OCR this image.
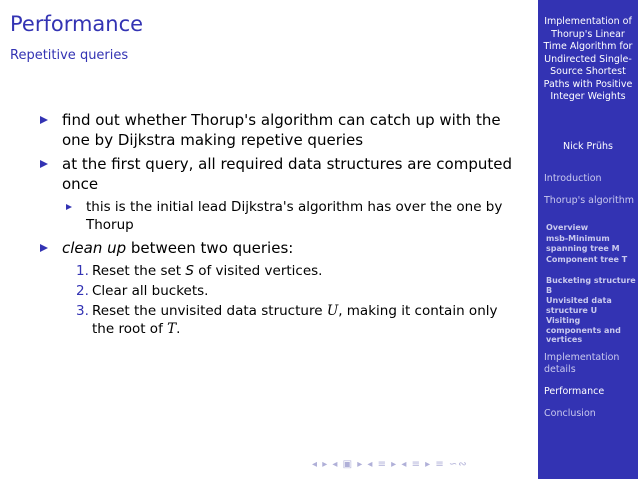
Performance
Repetitive queries
find out whether Thorup's algorithm can catch up with the one by Dijkstra making repetive queries
at the first query, all required data structures are computed once
this is the initial lead Dijkstra's algorithm has over the one by Thorup
clean up between two queries:
1. Reset the set S of visited vertices.
2. Clear all buckets.
3. Reset the unvisited data structure U, making it contain only the root of T.
◂ ▸ ◂ ▣ ▸ ◂ ≡ ▸ ◂ ≡ ▸ ≡ ∽∾
Implementation of Thorup's Linear Time Algorithm for Undirected Single-Source Shortest Paths with Positive Integer Weights
Nick Prühs
Introduction
Thorup's algorithm
Overview
msb-Minimum spanning tree M
Component tree T
Bucketing structure B
Unvisited data structure U
Visiting components and vertices
Implementation details
Performance
Conclusion
